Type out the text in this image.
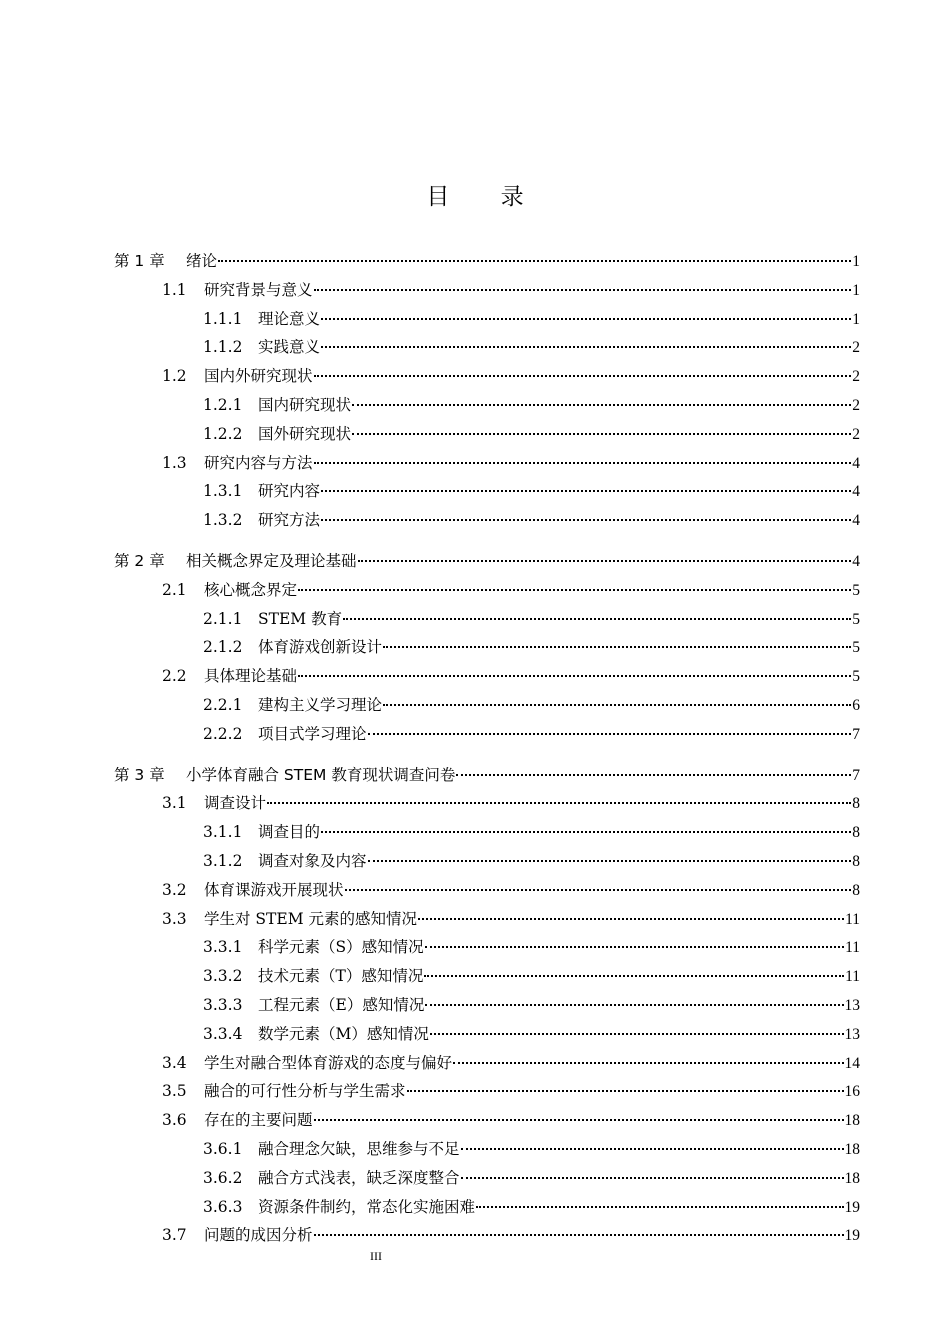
目 录
第 1 章	绪论	1
1.1	研究背景与意义	1
1.1.1	理论意义	1
1.1.2	实践意义	2
1.2	国内外研究现状	2
1.2.1	国内研究现状	2
1.2.2	国外研究现状	2
1.3	研究内容与方法	4
1.3.1	研究内容	4
1.3.2	研究方法	4
第 2 章	相关概念界定及理论基础	4
2.1	核心概念界定	5
2.1.1	STEM 教育	5
2.1.2	体育游戏创新设计	5
2.2	具体理论基础	5
2.2.1	建构主义学习理论	6
2.2.2	项目式学习理论	7
第 3 章	小学体育融合 STEM 教育现状调查问卷	7
3.1	调查设计	8
3.1.1	调查目的	8
3.1.2	调查对象及内容	8
3.2	体育课游戏开展现状	8
3.3	学生对 STEM 元素的感知情况	11
3.3.1	科学元素（S）感知情况	11
3.3.2	技术元素（T）感知情况	11
3.3.3	工程元素（E）感知情况	13
3.3.4	数学元素（M）感知情况	13
3.4	学生对融合型体育游戏的态度与偏好	14
3.5	融合的可行性分析与学生需求	16
3.6	存在的主要问题	18
3.6.1	融合理念欠缺，思维参与不足	18
3.6.2	融合方式浅表，缺乏深度整合	18
3.6.3	资源条件制约，常态化实施困难	19
3.7	问题的成因分析	19
III
